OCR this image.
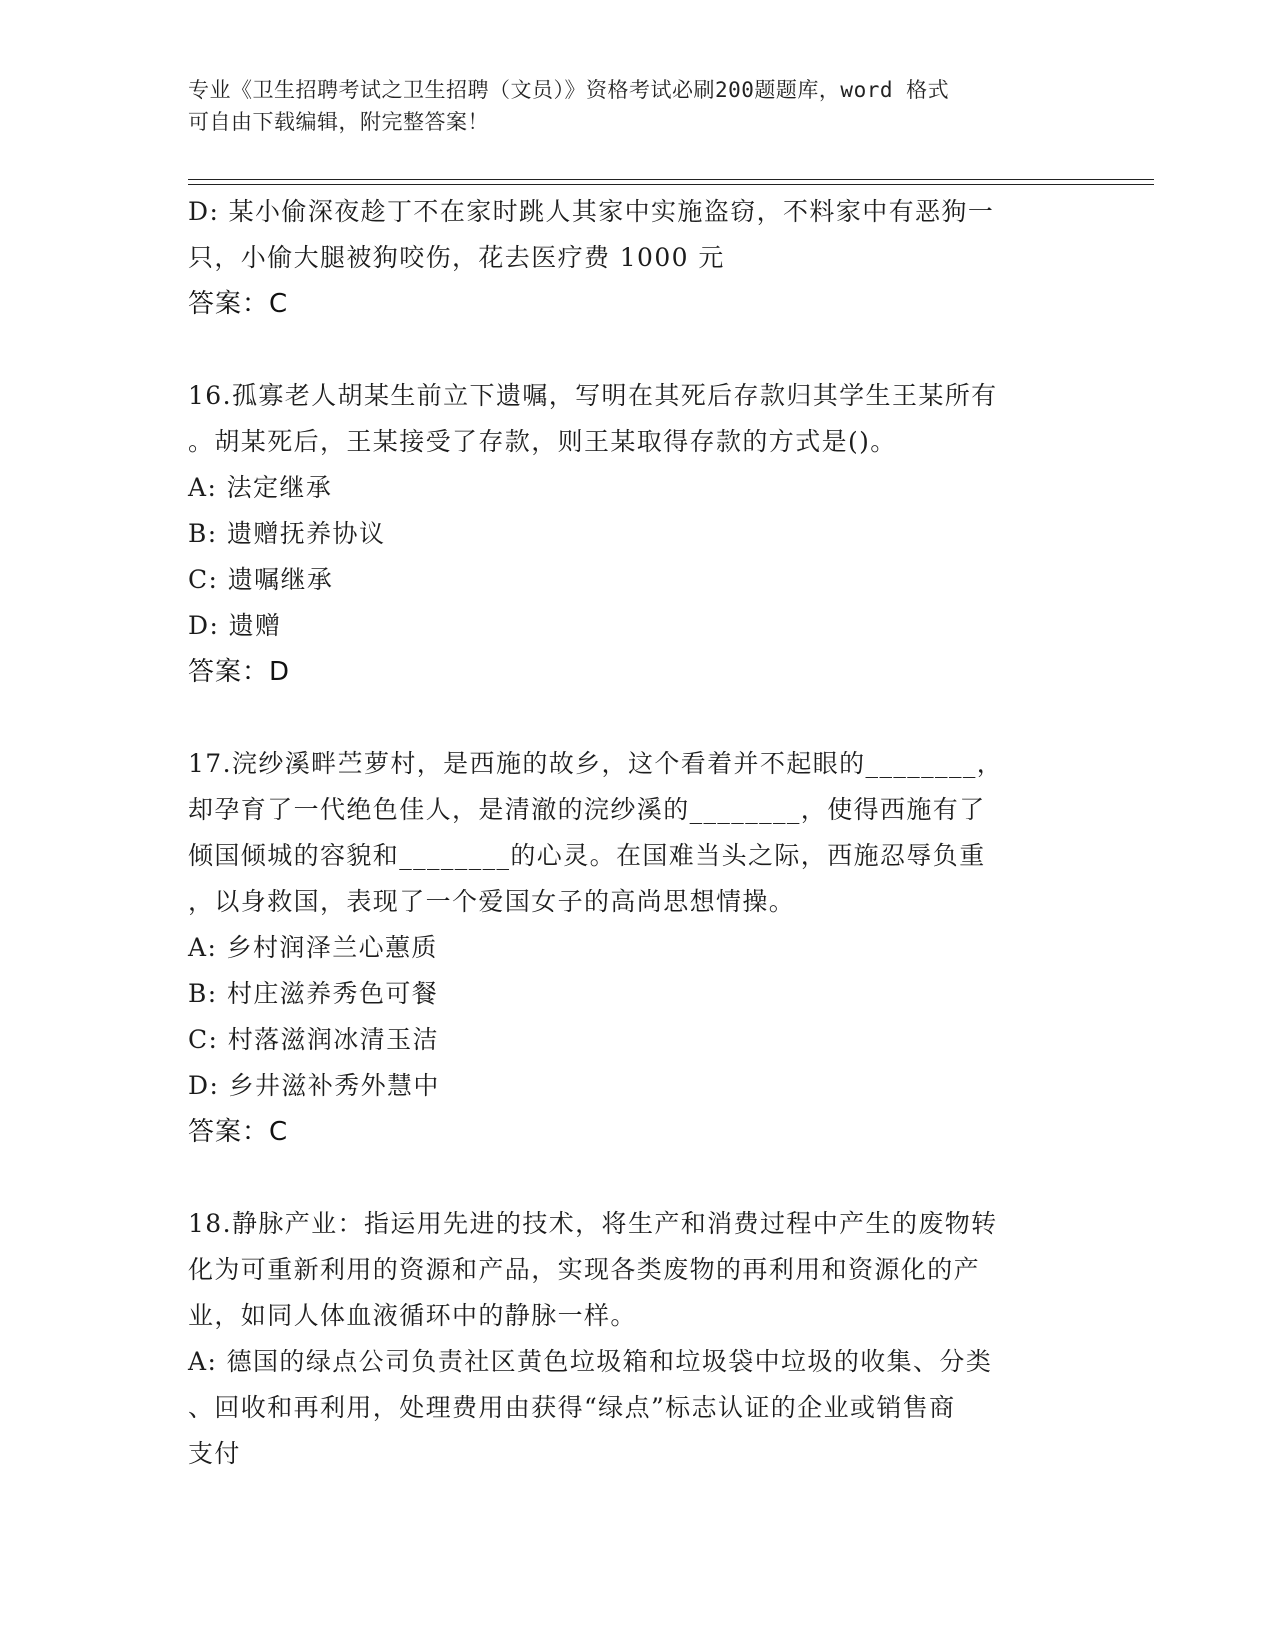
专业《卫生招聘考试之卫生招聘（文员）》资格考试必刷200题题库，word 格式
可自由下载编辑，附完整答案！
D: 某小偷深夜趁丁不在家时跳人其家中实施盗窃，不料家中有恶狗一
只，小偷大腿被狗咬伤，花去医疗费 1000 元
答案：C
16.孤寡老人胡某生前立下遗嘱，写明在其死后存款归其学生王某所有
。胡某死后，王某接受了存款，则王某取得存款的方式是()。
A: 法定继承
B: 遗赠抚养协议
C: 遗嘱继承
D: 遗赠
答案：D
17.浣纱溪畔苎萝村，是西施的故乡，这个看着并不起眼的________，
却孕育了一代绝色佳人，是清澈的浣纱溪的________，使得西施有了
倾国倾城的容貌和________的心灵。在国难当头之际，西施忍辱负重
，以身救国，表现了一个爱国女子的高尚思想情操。
A: 乡村润泽兰心蕙质
B: 村庄滋养秀色可餐
C: 村落滋润冰清玉洁
D: 乡井滋补秀外慧中
答案：C
18.静脉产业：指运用先进的技术，将生产和消费过程中产生的废物转
化为可重新利用的资源和产品，实现各类废物的再利用和资源化的产
业，如同人体血液循环中的静脉一样。
A: 德国的绿点公司负责社区黄色垃圾箱和垃圾袋中垃圾的收集、分类
、回收和再利用，处理费用由获得“绿点”标志认证的企业或销售商
支付
